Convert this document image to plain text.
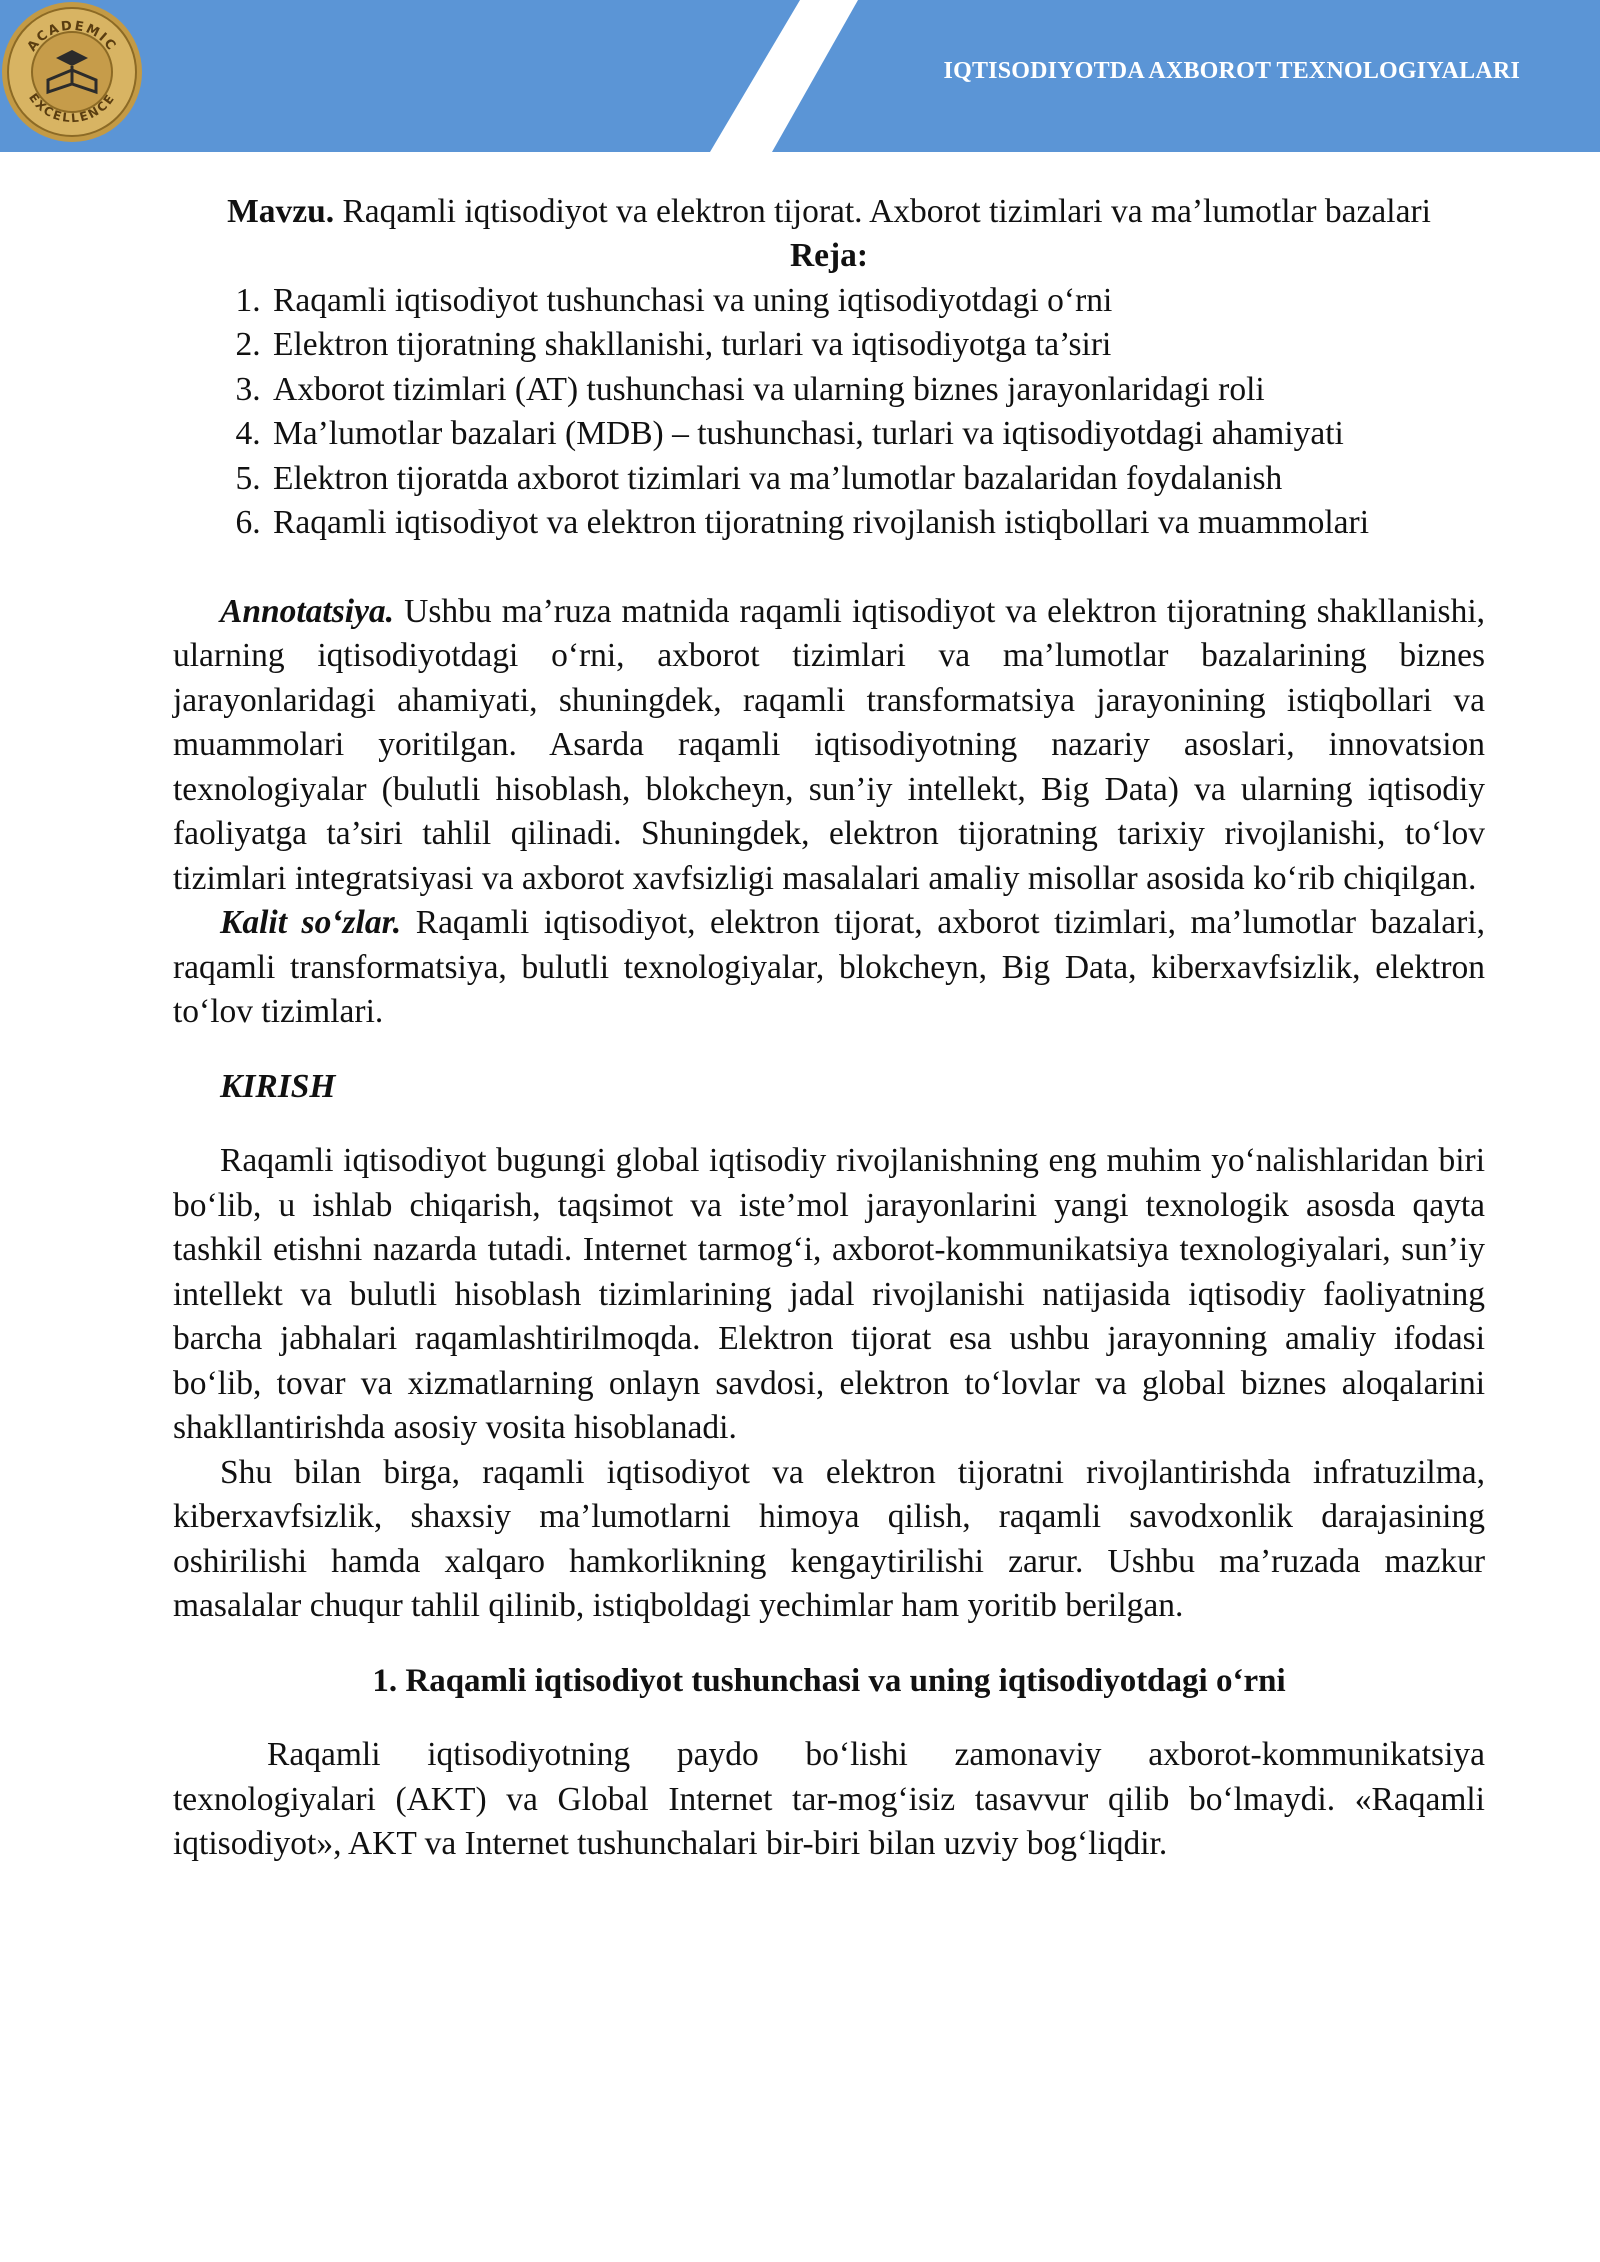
ACADEMIC
EXCELLENCE
IQTISODIYOTDA AXBOROT TEXNOLOGIYALARI

Mavzu. Raqamli iqtisodiyot va elektron tijorat. Axborot tizimlari va ma’lumotlar bazalari

Reja:

1. Raqamli iqtisodiyot tushunchasi va uning iqtisodiyotdagi o‘rni
2. Elektron tijoratning shakllanishi, turlari va iqtisodiyotga ta’siri
3. Axborot tizimlari (AT) tushunchasi va ularning biznes jarayonlaridagi roli
4. Ma’lumotlar bazalari (MDB) – tushunchasi, turlari va iqtisodiyotdagi ahamiyati
5. Elektron tijoratda axborot tizimlari va ma’lumotlar bazalaridan foydalanish
6. Raqamli iqtisodiyot va elektron tijoratning rivojlanish istiqbollari va muammolari

Annotatsiya. Ushbu ma’ruza matnida raqamli iqtisodiyot va elektron tijoratning shakllanishi, ularning iqtisodiyotdagi o‘rni, axborot tizimlari va ma’lumotlar bazalarining biznes jarayonlaridagi ahamiyati, shuningdek, raqamli transformatsiya jarayonining istiqbollari va muammolari yoritilgan. Asarda raqamli iqtisodiyotning nazariy asoslari, innovatsion texnologiyalar (bulutli hisoblash, blokcheyn, sun’iy intellekt, Big Data) va ularning iqtisodiy faoliyatga ta’siri tahlil qilinadi. Shuningdek, elektron tijoratning tarixiy rivojlanishi, to‘lov tizimlari integratsiyasi va axborot xavfsizligi masalalari amaliy misollar asosida ko‘rib chiqilgan.

Kalit so‘zlar. Raqamli iqtisodiyot, elektron tijorat, axborot tizimlari, ma’lumotlar bazalari, raqamli transformatsiya, bulutli texnologiyalar, blokcheyn, Big Data, kiberxavfsizlik, elektron to‘lov tizimlari.

KIRISH

Raqamli iqtisodiyot bugungi global iqtisodiy rivojlanishning eng muhim yo‘nalishlaridan biri bo‘lib, u ishlab chiqarish, taqsimot va iste’mol jarayonlarini yangi texnologik asosda qayta tashkil etishni nazarda tutadi. Internet tarmog‘i, axborot-kommunikatsiya texnologiyalari, sun’iy intellekt va bulutli hisoblash tizimlarining jadal rivojlanishi natijasida iqtisodiy faoliyatning barcha jabhalari raqamlashtirilmoqda. Elektron tijorat esa ushbu jarayonning amaliy ifodasi bo‘lib, tovar va xizmatlarning onlayn savdosi, elektron to‘lovlar va global biznes aloqalarini shakllantirishda asosiy vosita hisoblanadi.

Shu bilan birga, raqamli iqtisodiyot va elektron tijoratni rivojlantirishda infratuzilma, kiberxavfsizlik, shaxsiy ma’lumotlarni himoya qilish, raqamli savodxonlik darajasining oshirilishi hamda xalqaro hamkorlikning kengaytirilishi zarur. Ushbu ma’ruzada mazkur masalalar chuqur tahlil qilinib, istiqboldagi yechimlar ham yoritib berilgan.

1. Raqamli iqtisodiyot tushunchasi va uning iqtisodiyotdagi o‘rni

Raqamli iqtisodiyotning paydo bo‘lishi zamonaviy axborot-kommunikatsiya texnologiyalari (AKT) va Global Internet tar-mog‘isiz tasavvur qilib bo‘lmaydi. «Raqamli iqtisodiyot», AKT va Internet tushunchalari bir-biri bilan uzviy bog‘liqdir.
